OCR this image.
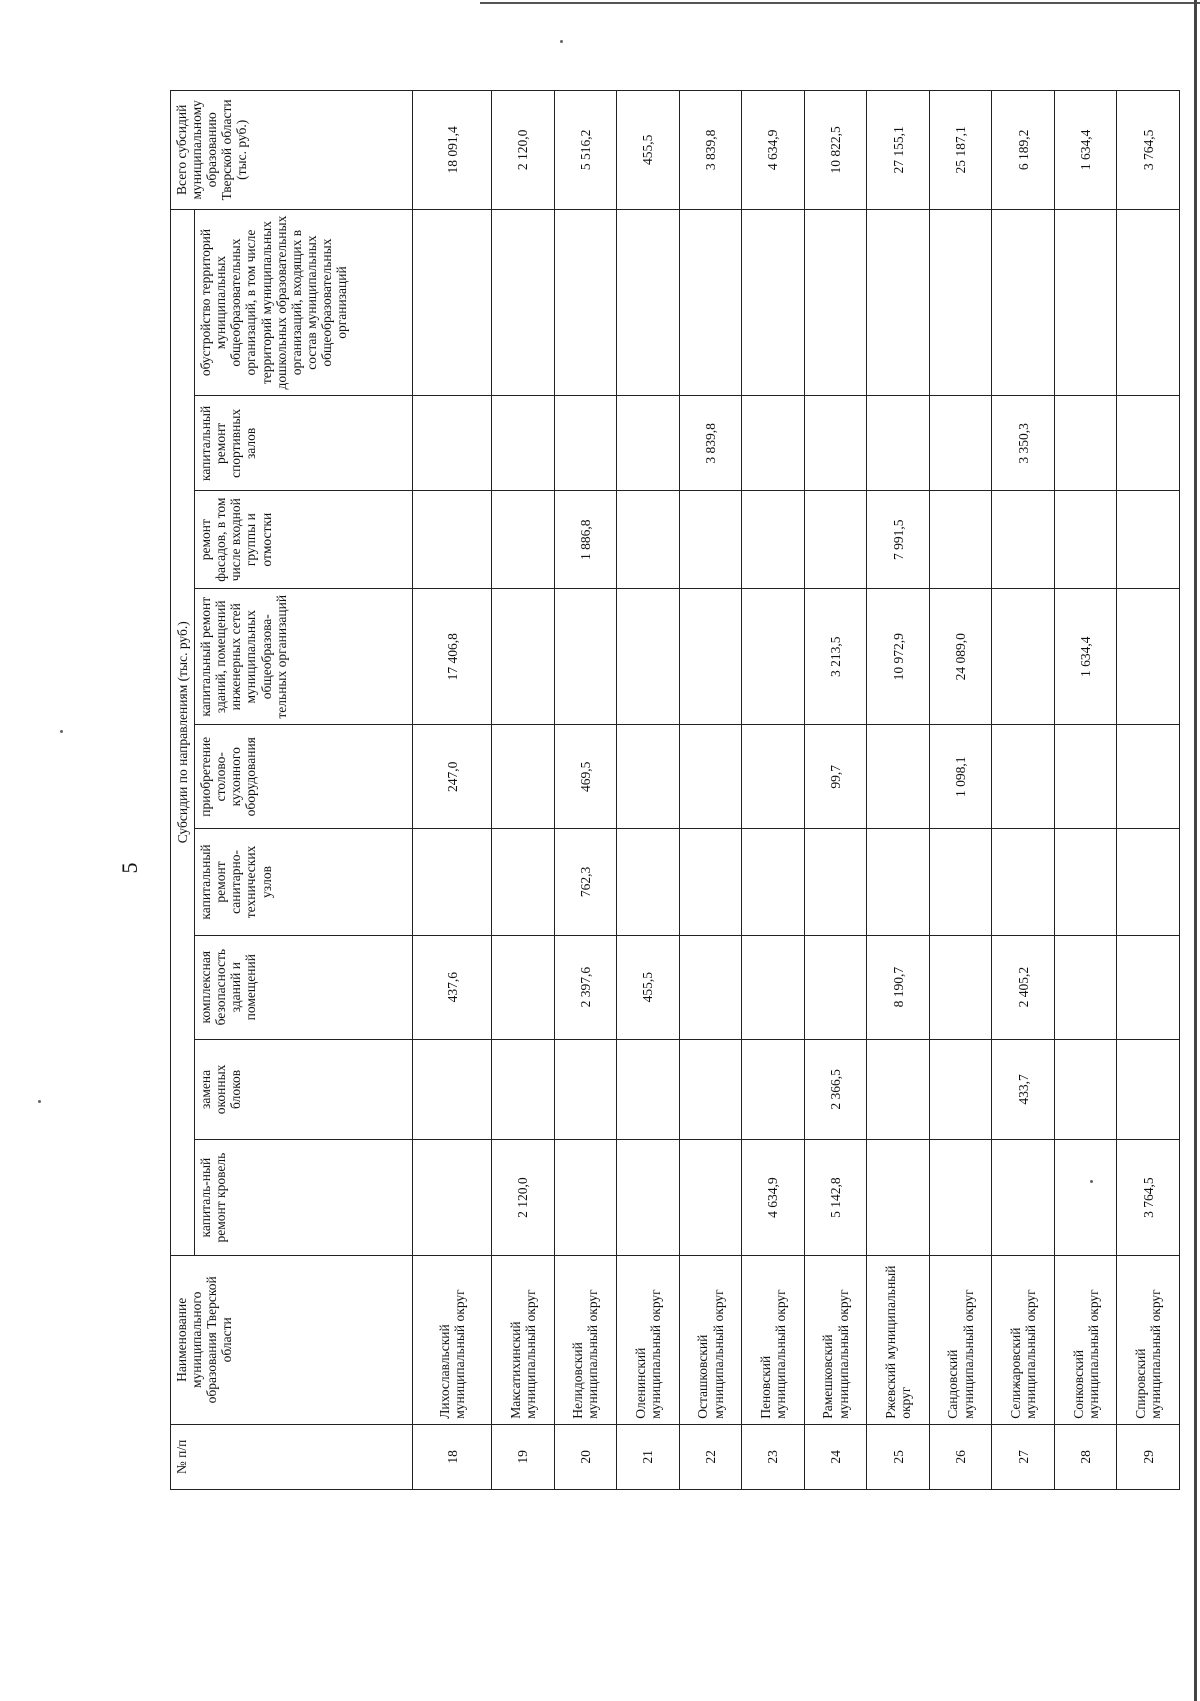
5
№ п/п	Наименование муниципального образования Тверской области	Субсидии по направлениям (тыс. руб.)									Всего субсидий муниципальному образованию Тверской области (тыс. руб.)
		капиталь-ный ремонт кровель	замена оконных блоков	комплексная безопасность зданий и помещений	капитальный ремонт санитарно-технических узлов	приобретение столово-кухонного оборудования	капитальный ремонт зданий, помещений инженерных сетей муниципальных общеобразова-тельных организаций	ремонт фасадов, в том числе входной группы и отмостки	капитальный ремонт спортивных залов	обустройство территорий муниципальных общеобразовательных организаций, в том числе территорий муниципальных дошкольных образовательных организаций, входящих в состав муниципальных общеобразовательных организаций	
18	Лихославльский муниципальный округ			437,6		247,0	17 406,8				18 091,4
19	Максатихинский муниципальный округ	2 120,0									2 120,0
20	Нелидовский муниципальный округ			2 397,6	762,3	469,5		1 886,8			5 516,2
21	Оленинский муниципальный округ			455,5							455,5
22	Осташковский муниципальный округ								3 839,8		3 839,8
23	Пеновский муниципальный округ	4 634,9									4 634,9
24	Рамешковский муниципальный округ	5 142,8	2 366,5			99,7	3 213,5				10 822,5
25	Ржевский муниципальный округ			8 190,7			10 972,9	7 991,5			27 155,1
26	Сандовский муниципальный округ					1 098,1	24 089,0				25 187,1
27	Селижаровский муниципальный округ		433,7	2 405,2					3 350,3		6 189,2
28	Сонковский муниципальный округ						1 634,4				1 634,4
29	Спировский муниципальный округ	3 764,5									3 764,5
